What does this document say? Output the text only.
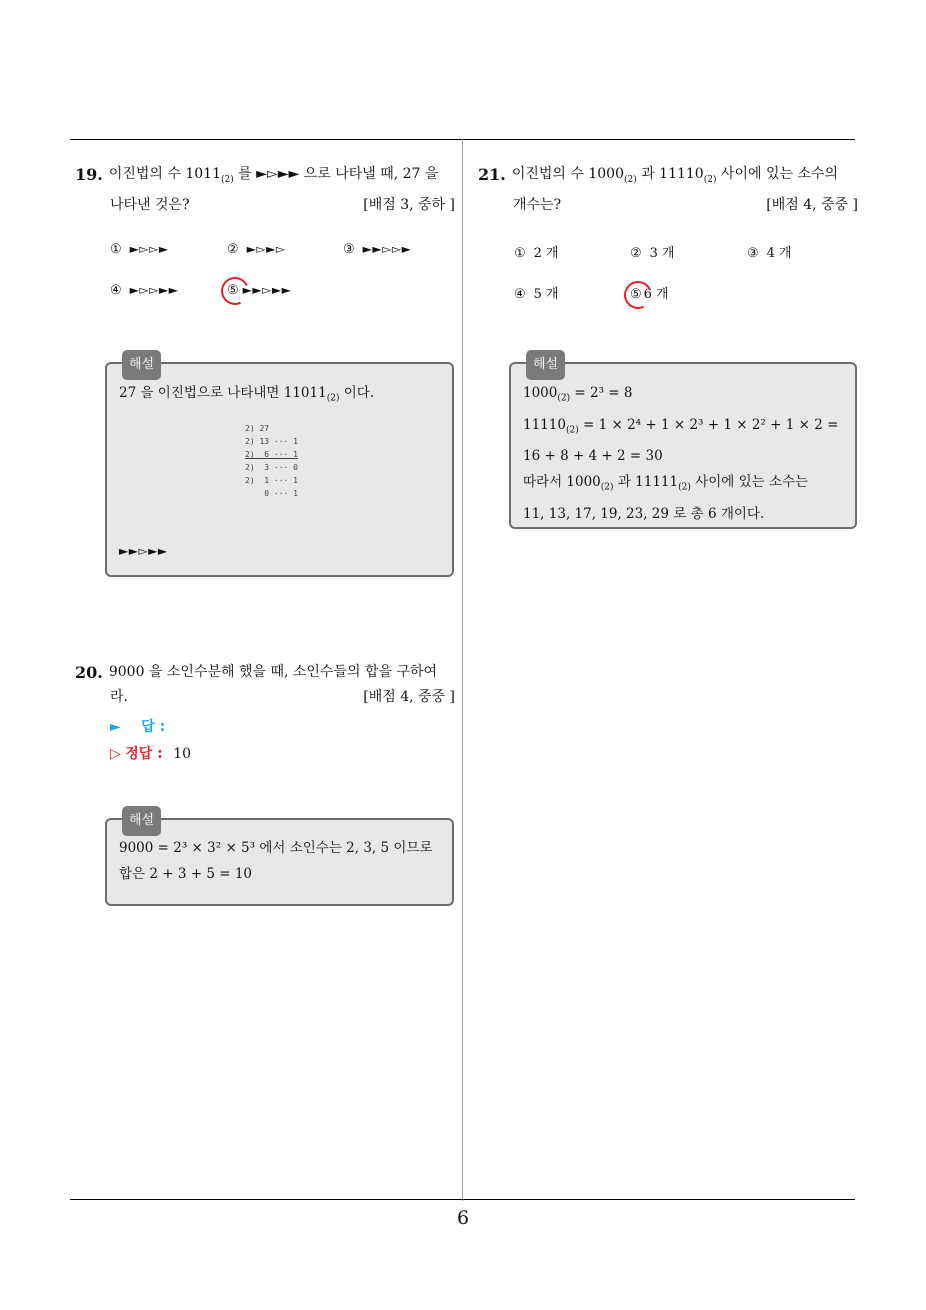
19. 이진법의 수 $1011_{(2)}$ 를 ►▻►► 으로 나타낼 때, 27 을
나타낸 것은?	[배점 3, 중하 ]
① ►▻▻►	② ►▻►▻	③ ►►▻▻►
④ ►▻▻►►	⑤ ►►▻►►
해설
27 을 이진법으로 나타내면 $11011_{(2)}$ 이다.
2) 27
2) 13 ··· 1
2)  6 ··· 1
2)  3 ··· 0
2)  1 ··· 1
0 ··· 1
►►▻►►
20. 9000 을 소인수분해 했을 때, 소인수들의 합을 구하여
라.	[배점 4, 중중 ]
► 답 :
▷ 정답 : 10
해설
9000 = 2³ × 3² × 5³ 에서 소인수는 2, 3, 5 이므로
합은 2 + 3 + 5 = 10
21. 이진법의 수 $1000_{(2)}$ 과 $11110_{(2)}$ 사이에 있는 소수의
개수는?	[배점 4, 중중 ]
① 2 개	② 3 개	③ 4 개
④ 5 개	⑤ 6 개
해설
$1000_{(2)} = 2^3 = 8$
$11110_{(2)} = 1 \times 2^4 + 1 \times 2^3 + 1 \times 2^2 + 1 \times 2$ =
16 + 8 + 4 + 2 = 30
따라서 $1000_{(2)}$ 과 $11111_{(2)}$ 사이에 있는 소수는
11, 13, 17, 19, 23, 29 로 총 6 개이다.
6
